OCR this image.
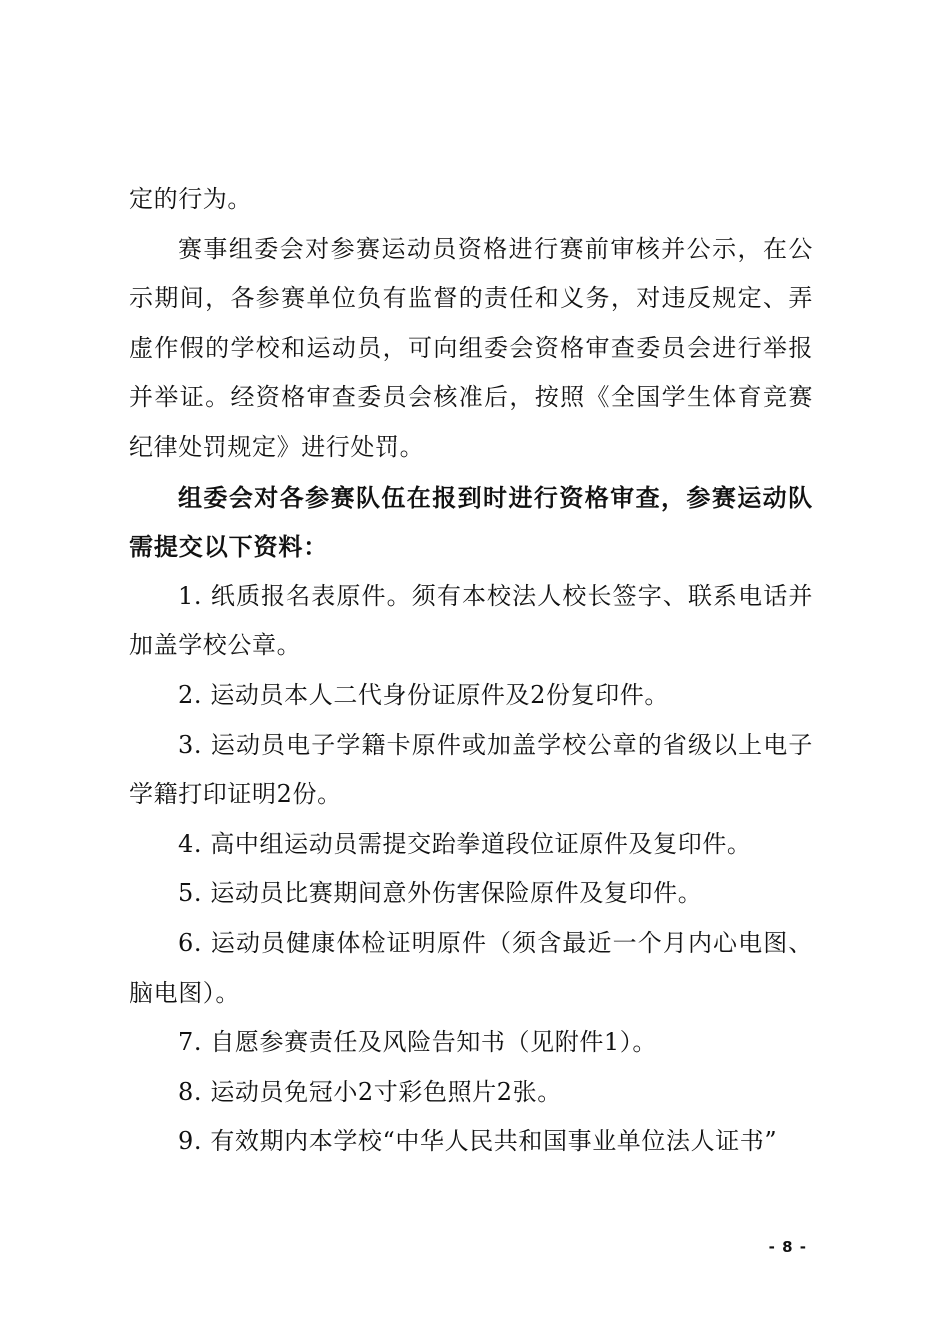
定的行为。

赛事组委会对参赛运动员资格进行赛前审核并公示，在公示期间，各参赛单位负有监督的责任和义务，对违反规定、弄虚作假的学校和运动员，可向组委会资格审查委员会进行举报并举证。经资格审查委员会核准后，按照《全国学生体育竞赛纪律处罚规定》进行处罚。

组委会对各参赛队伍在报到时进行资格审查，参赛运动队需提交以下资料：

1. 纸质报名表原件。须有本校法人校长签字、联系电话并加盖学校公章。

2. 运动员本人二代身份证原件及2份复印件。

3. 运动员电子学籍卡原件或加盖学校公章的省级以上电子学籍打印证明2份。

4. 高中组运动员需提交跆拳道段位证原件及复印件。

5. 运动员比赛期间意外伤害保险原件及复印件。

6. 运动员健康体检证明原件（须含最近一个月内心电图、脑电图）。

7. 自愿参赛责任及风险告知书（见附件1）。

8. 运动员免冠小2寸彩色照片2张。

9. 有效期内本学校“中华人民共和国事业单位法人证书”

- 8 -
